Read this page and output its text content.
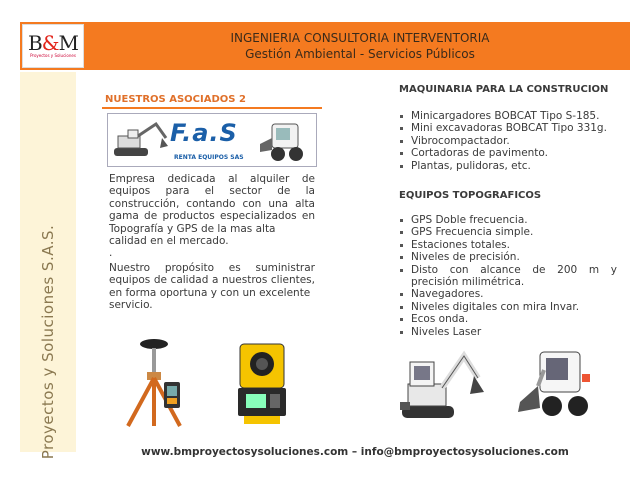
B&M
Proyectos y Soluciones
INGENIERIA CONSULTORIA INTERVENTORIA
Gestión Ambiental - Servicios Públicos
Proyectos y Soluciones S.A.S.
NUESTROS ASOCIADOS 2
F.a.S
RENTA EQUIPOS SAS
Empresa dedicada al alquiler de equipos para el sector de la construcción, contando con una alta gama de productos especializados en Topografía y GPS de la mas alta
calidad en el mercado.
.
Nuestro propósito es suministrar equipos de calidad a nuestros clientes, en forma oportuna y con un excelente
servicio.
MAQUINARIA PARA LA CONSTRUCION
Minicargadores BOBCAT Tipo S-185.
Mini excavadoras BOBCAT Tipo 331g.
Vibrocompactador.
Cortadoras de pavimento.
Plantas, pulidoras, etc.
EQUIPOS TOPOGRAFICOS
GPS Doble frecuencia.
GPS Frecuencia simple.
Estaciones totales.
Niveles de precisión.
Disto con alcance de 200 m y precisión milimétrica.
Navegadores.
Niveles digitales con mira Invar.
Ecos onda.
Niveles Laser
www.bmproyectosysoluciones.com – info@bmproyectosysoluciones.com
